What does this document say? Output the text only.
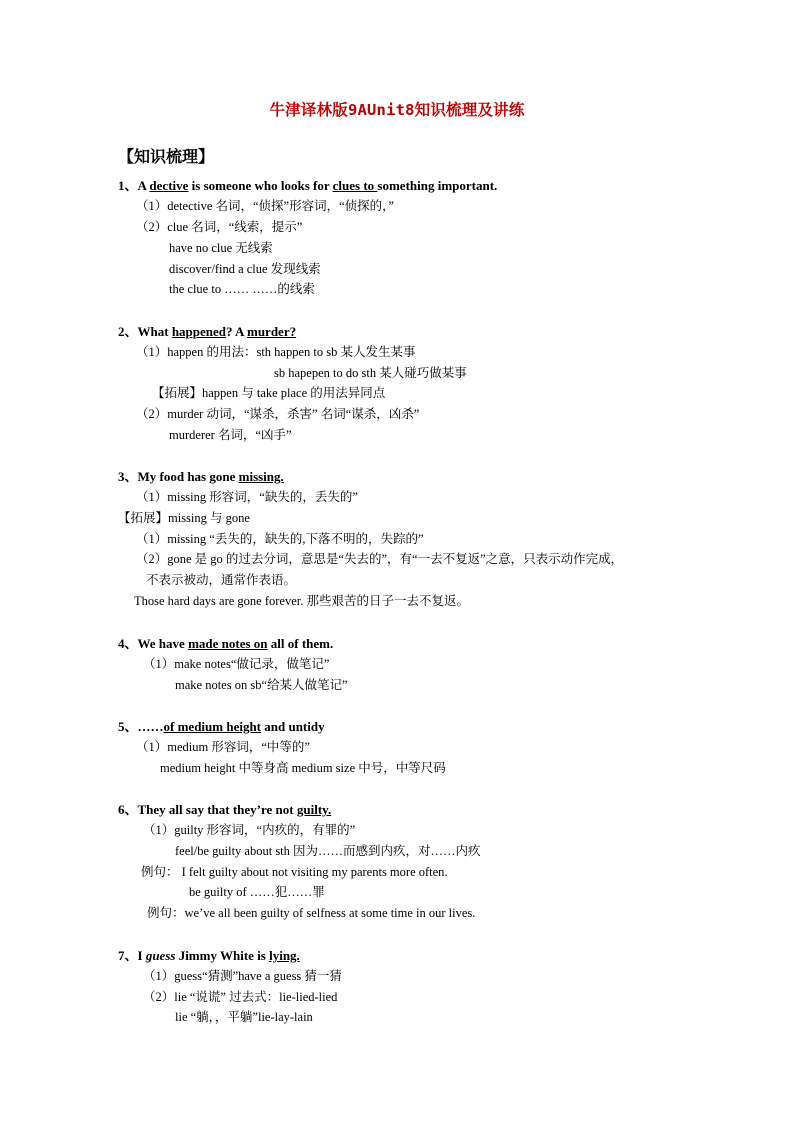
牛津译林版9AUnit8知识梳理及讲练
【知识梳理】
1、A dective is someone who looks for clues to something important.
（1）detective 名词，“侦探”形容词，“侦探的，”
（2）clue 名词，“线索，提示”
have no clue 无线索
discover/find a clue 发现线索
the clue to …… ……的线索
2、What happened? A murder?
（1）happen 的用法：sth happen to sb 某人发生某事
sb hapepen to do sth 某人碰巧做某事
【拓展】happen 与 take place 的用法异同点
（2）murder 动词，“谋杀，杀害” 名词“谋杀，凶杀”
murderer 名词，“凶手”
3、My food has gone missing.
（1）missing 形容词，“缺失的，丢失的”
【拓展】missing 与 gone
（1）missing “丢失的，缺失的,下落不明的，失踪的”
（2）gone 是 go 的过去分词，意思是“失去的”，有“一去不复返”之意，只表示动作完成，
不表示被动，通常作表语。
Those hard days are gone forever. 那些艰苦的日子一去不复返。
4、We have made notes on all of them.
（1）make notes“做记录，做笔记”
make notes on sb“给某人做笔记”
5、……of medium height and untidy
（1）medium 形容词，“中等的”
medium height 中等身高 medium size 中号，中等尺码
6、They all say that they’re not guilty.
（1）guilty 形容词，“内疚的，有罪的”
feel/be guilty about sth 因为……而感到内疚，对……内疚
例句： I felt guilty about not visiting my parents more often.
be guilty of ……犯……罪
例句：we’ve all been guilty of selfness at some time in our lives.
7、I guess Jimmy White is lying.
（1）guess“猜测”have a guess 猜一猜
（2）lie “说谎” 过去式：lie-lied-lied
lie “躺，，平躺”lie-lay-lain
